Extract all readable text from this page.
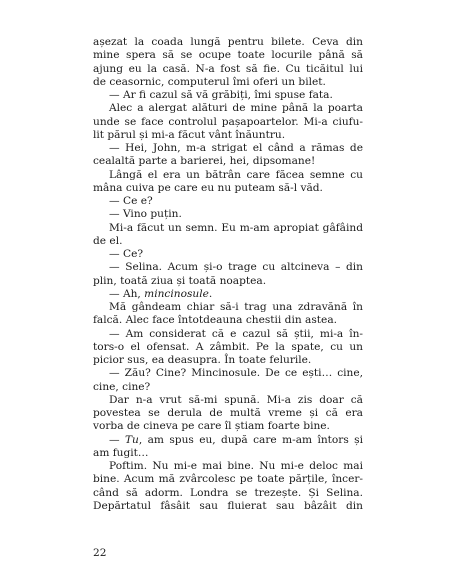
așezat la coada lungă pentru bilete. Ceva din
mine spera să se ocupe toate locurile până să
ajung eu la casă. N-a fost să fie. Cu ticăitul lui
de ceasornic, computerul îmi oferi un bilet.
— Ar fi cazul să vă grăbiți, îmi spuse fata.
Alec a alergat alături de mine până la poarta
unde se face controlul pașapoartelor. Mi-a ciufu-
lit părul și mi-a făcut vânt înăuntru.
— Hei, John, m-a strigat el când a rămas de
cealaltă parte a barierei, hei, dipsomane!
Lângă el era un bătrân care făcea semne cu
mâna cuiva pe care eu nu puteam să-l văd.
— Ce e?
— Vino puțin.
Mi-a făcut un semn. Eu m-am apropiat gâfâind
de el.
— Ce?
— Selina. Acum și-o trage cu altcineva – din
plin, toată ziua și toată noaptea.
— Ah, mincinosule.
Mă gândeam chiar să-i trag una zdravănă în
falcă. Alec face întotdeauna chestii din astea.
— Am considerat că e cazul să știi, mi-a în-
tors-o el ofensat. A zâmbit. Pe la spate, cu un
picior sus, ea deasupra. În toate felurile.
— Zău? Cine? Mincinosule. De ce ești… cine,
cine, cine?
Dar n-a vrut să-mi spună. Mi-a zis doar că
povestea se derula de multă vreme și că era
vorba de cineva pe care îl știam foarte bine.
— Tu, am spus eu, după care m-am întors și
am fugit…
Poftim. Nu mi-e mai bine. Nu mi-e deloc mai
bine. Acum mă zvârcolesc pe toate părțile, încer-
când să adorm. Londra se trezește. Și Selina.
Depărtatul fâsâit sau fluierat sau bâzâit din
22
